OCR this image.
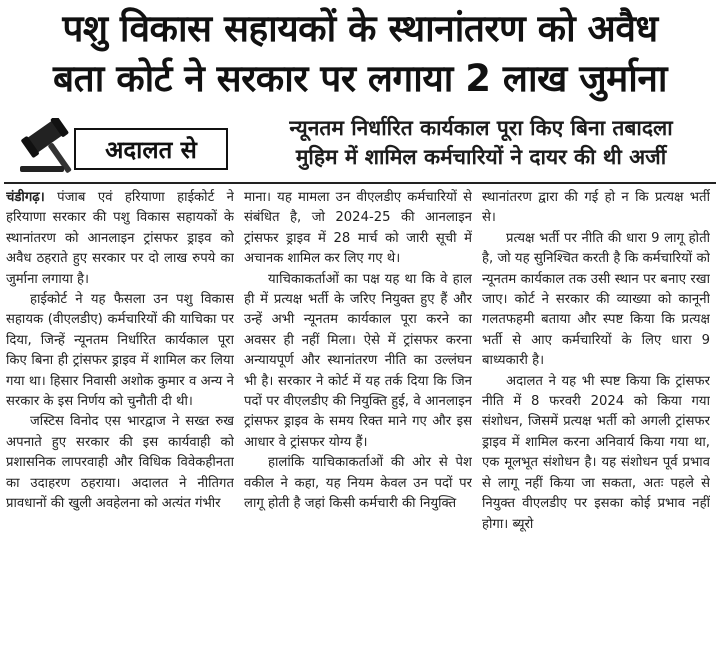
पशु विकास सहायकों के स्थानांतरण को अवैध
बता कोर्ट ने सरकार पर लगाया 2 लाख जुर्माना
अदालत से
न्यूनतम निर्धारित कार्यकाल पूरा किए बिना तबादला
मुहिम में शामिल कर्मचारियों ने दायर की थी अर्जी

चंडीगढ़। पंजाब एवं हरियाणा हाईकोर्ट ने हरियाणा सरकार की पशु विकास सहायकों के स्थानांतरण को आनलाइन ट्रांसफर ड्राइव को अवैध ठहराते हुए सरकार पर दो लाख रुपये का जुर्माना लगाया है।

हाईकोर्ट ने यह फैसला उन पशु विकास सहायक (वीएलडीए) कर्मचारियों की याचिका पर दिया, जिन्हें न्यूनतम निर्धारित कार्यकाल पूरा किए बिना ही ट्रांसफर ड्राइव में शामिल कर लिया गया था। हिसार निवासी अशोक कुमार व अन्य ने सरकार के इस निर्णय को चुनौती दी थी।

जस्टिस विनोद एस भारद्वाज ने सख्त रुख अपनाते हुए सरकार की इस कार्यवाही को प्रशासनिक लापरवाही और विधिक विवेकहीनता का उदाहरण ठहराया। अदालत ने नीतिगत प्रावधानों की खुली अवहेलना को अत्यंत गंभीर

माना। यह मामला उन वीएलडीए कर्मचारियों से संबंधित है, जो 2024-25 की आनलाइन ट्रांसफर ड्राइव में 28 मार्च को जारी सूची में अचानक शामिल कर लिए गए थे।

याचिकाकर्ताओं का पक्ष यह था कि वे हाल ही में प्रत्यक्ष भर्ती के जरिए नियुक्त हुए हैं और उन्हें अभी न्यूनतम कार्यकाल पूरा करने का अवसर ही नहीं मिला। ऐसे में ट्रांसफर करना अन्यायपूर्ण और स्थानांतरण नीति का उल्लंघन भी है। सरकार ने कोर्ट में यह तर्क दिया कि जिन पदों पर वीएलडीए की नियुक्ति हुई, वे आनलाइन ट्रांसफर ड्राइव के समय रिक्त माने गए और इस आधार वे ट्रांसफर योग्य हैं।

हालांकि याचिकाकर्ताओं की ओर से पेश वकील ने कहा, यह नियम केवल उन पदों पर लागू होती है जहां किसी कर्मचारी की नियुक्ति

स्थानांतरण द्वारा की गई हो न कि प्रत्यक्ष भर्ती से।

प्रत्यक्ष भर्ती पर नीति की धारा 9 लागू होती है, जो यह सुनिश्चित करती है कि कर्मचारियों को न्यूनतम कार्यकाल तक उसी स्थान पर बनाए रखा जाए। कोर्ट ने सरकार की व्याख्या को कानूनी गलतफहमी बताया और स्पष्ट किया कि प्रत्यक्ष भर्ती से आए कर्मचारियों के लिए धारा 9 बाध्यकारी है।

अदालत ने यह भी स्पष्ट किया कि ट्रांसफर नीति में 8 फरवरी 2024 को किया गया संशोधन, जिसमें प्रत्यक्ष भर्ती को अगली ट्रांसफर ड्राइव में शामिल करना अनिवार्य किया गया था, एक मूलभूत संशोधन है। यह संशोधन पूर्व प्रभाव से लागू नहीं किया जा सकता, अतः पहले से नियुक्त वीएलडीए पर इसका कोई प्रभाव नहीं होगा। ब्यूरो
